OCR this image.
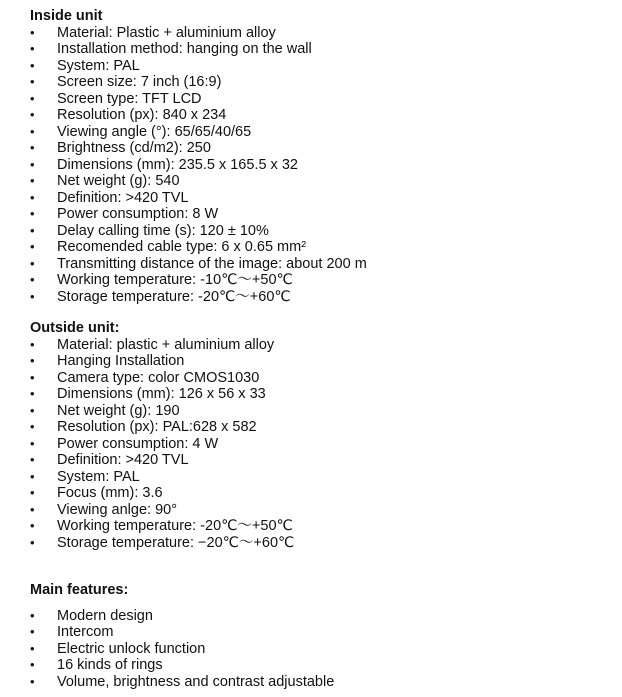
Inside unit
•	Material: Plastic + aluminium alloy
•	Installation method: hanging on the wall
•	System: PAL
•	Screen size: 7 inch (16:9)
•	Screen type: TFT LCD
•	Resolution (px): 840 x 234
•	Viewing angle (°): 65/65/40/65
•	Brightness (cd/m2): 250
•	Dimensions (mm): 235.5 x 165.5 x 32
•	Net weight (g): 540
•	Definition: >420 TVL
•	Power consumption: 8 W
•	Delay calling time (s): 120 ± 10%
•	Recomended cable type: 6 x 0.65 mm²
•	Transmitting distance of the image: about 200 m
•	Working temperature: -10℃～+50℃
•	Storage temperature: -20℃～+60℃
Outside unit:
•	Material: plastic + aluminium alloy
•	Hanging Installation
•	Camera type: color CMOS1030
•	Dimensions (mm): 126 x 56 x 33
•	Net weight (g): 190
•	Resolution (px): PAL:628 x 582
•	Power consumption: 4 W
•	Definition: >420 TVL
•	System: PAL
•	Focus (mm): 3.6
•	Viewing anlge: 90°
•	Working temperature: -20℃～+50℃
•	Storage temperature: −20℃～+60℃
Main features:
•	Modern design
•	Intercom
•	Electric unlock function
•	16 kinds of rings
•	Volume, brightness and contrast adjustable
